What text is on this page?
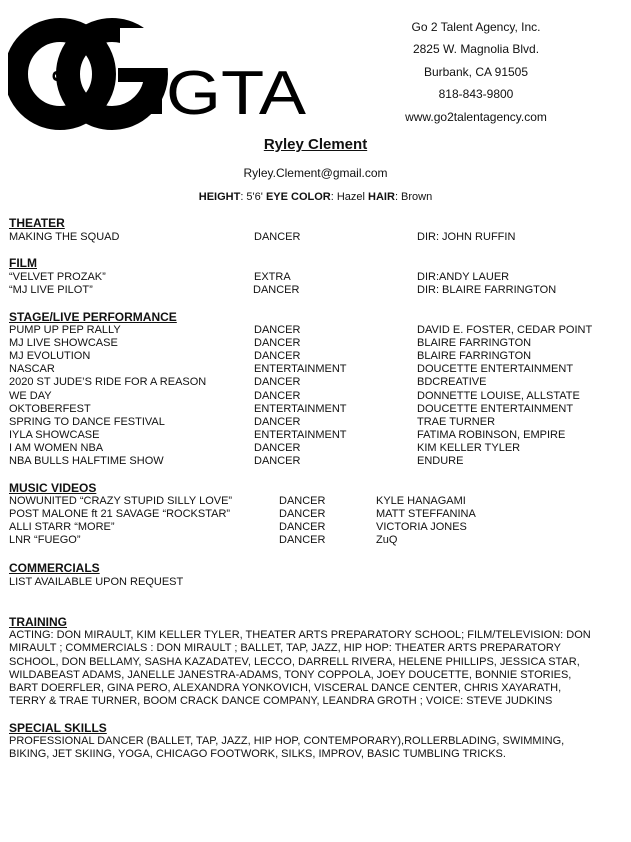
2 GTA
Go 2 Talent Agency, Inc.
2825 W. Magnolia Blvd.
Burbank, CA 91505
818-843-9800
www.go2talentagency.com
Ryley Clement
Ryley.Clement@gmail.com
HEIGHT: 5'6' EYE COLOR: Hazel HAIR: Brown
THEATER
MAKING THE SQUAD	DANCER	DIR: JOHN RUFFIN
FILM
“VELVET PROZAK”	EXTRA	DIR:ANDY LAUER
“MJ LIVE PILOT”	DANCER	DIR: BLAIRE FARRINGTON
STAGE/LIVE PERFORMANCE
PUMP UP PEP RALLY	DANCER	DAVID E. FOSTER, CEDAR POINT
MJ LIVE SHOWCASE	DANCER	BLAIRE FARRINGTON
MJ EVOLUTION	DANCER	BLAIRE FARRINGTON
NASCAR	ENTERTAINMENT	DOUCETTE ENTERTAINMENT
2020 ST JUDE’S RIDE FOR A REASON	DANCER	BDCREATIVE
WE DAY	DANCER	DONNETTE LOUISE, ALLSTATE
OKTOBERFEST	ENTERTAINMENT	DOUCETTE ENTERTAINMENT
SPRING TO DANCE FESTIVAL	DANCER	TRAE TURNER
IYLA SHOWCASE	ENTERTAINMENT	FATIMA ROBINSON, EMPIRE
I AM WOMEN NBA	DANCER	KIM KELLER TYLER
NBA BULLS HALFTIME SHOW	DANCER	ENDURE
MUSIC VIDEOS
NOWUNITED “CRAZY STUPID SILLY LOVE”	DANCER	KYLE HANAGAMI
POST MALONE ft 21 SAVAGE “ROCKSTAR”	DANCER	MATT STEFFANINA
ALLI STARR “MORE”	DANCER	VICTORIA JONES
LNR “FUEGO”	DANCER	ZuQ
COMMERCIALS
LIST AVAILABLE UPON REQUEST
TRAINING
ACTING: DON MIRAULT, KIM KELLER TYLER, THEATER ARTS PREPARATORY SCHOOL; FILM/TELEVISION: DON
MIRAULT ; COMMERCIALS : DON MIRAULT ; BALLET, TAP, JAZZ, HIP HOP: THEATER ARTS PREPARATORY
SCHOOL, DON BELLAMY, SASHA KAZADATEV, LECCO, DARRELL RIVERA, HELENE PHILLIPS, JESSICA STAR,
WILDABEAST ADAMS, JANELLE JANESTRA-ADAMS, TONY COPPOLA, JOEY DOUCETTE, BONNIE STORIES,
BART DOERFLER, GINA PERO, ALEXANDRA YONKOVICH, VISCERAL DANCE CENTER, CHRIS XAYARATH,
TERRY & TRAE TURNER, BOOM CRACK DANCE COMPANY, LEANDRA GROTH ; VOICE: STEVE JUDKINS
SPECIAL SKILLS
PROFESSIONAL DANCER (BALLET, TAP, JAZZ, HIP HOP, CONTEMPORARY),ROLLERBLADING, SWIMMING,
BIKING, JET SKIING, YOGA, CHICAGO FOOTWORK, SILKS, IMPROV, BASIC TUMBLING TRICKS.
